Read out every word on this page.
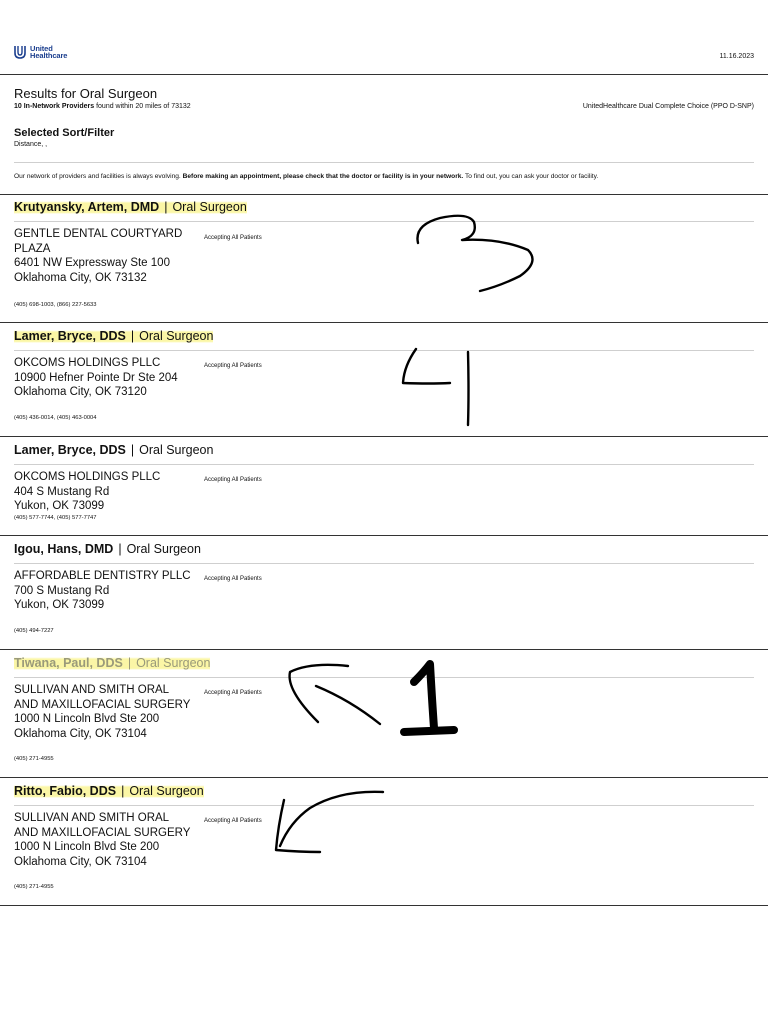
United
Healthcare	11.16.2023
Results for Oral Surgeon
10 In-Network Providers found within 20 miles of 73132	UnitedHealthcare Dual Complete Choice (PPO D-SNP)
Selected Sort/Filter
Distance, ,
Our network of providers and facilities is always evolving. Before making an appointment, please check that the doctor or facility is in your network. To find out, you can ask your doctor or facility.
Krutyansky, Artem, DMD | Oral Surgeon
GENTLE DENTAL COURTYARD PLAZA
6401 NW Expressway Ste 100
Oklahoma City, OK 73132
(405) 698-1003, (866) 227-5633
Accepting All Patients
Lamer, Bryce, DDS | Oral Surgeon
OKCOMS HOLDINGS PLLC
10900 Hefner Pointe Dr Ste 204
Oklahoma City, OK 73120
(405) 436-0014, (405) 463-0004
Accepting All Patients
Lamer, Bryce, DDS | Oral Surgeon
OKCOMS HOLDINGS PLLC
404 S Mustang Rd
Yukon, OK 73099
(405) 577-7744, (405) 577-7747
Accepting All Patients
Igou, Hans, DMD | Oral Surgeon
AFFORDABLE DENTISTRY PLLC
700 S Mustang Rd
Yukon, OK 73099
(405) 494-7227
Accepting All Patients
Tiwana, Paul, DDS | Oral Surgeon
SULLIVAN AND SMITH ORAL AND MAXILLOFACIAL SURGERY
1000 N Lincoln Blvd Ste 200
Oklahoma City, OK 73104
(405) 271-4955
Accepting All Patients
Ritto, Fabio, DDS | Oral Surgeon
SULLIVAN AND SMITH ORAL AND MAXILLOFACIAL SURGERY
1000 N Lincoln Blvd Ste 200
Oklahoma City, OK 73104
(405) 271-4955
Accepting All Patients
